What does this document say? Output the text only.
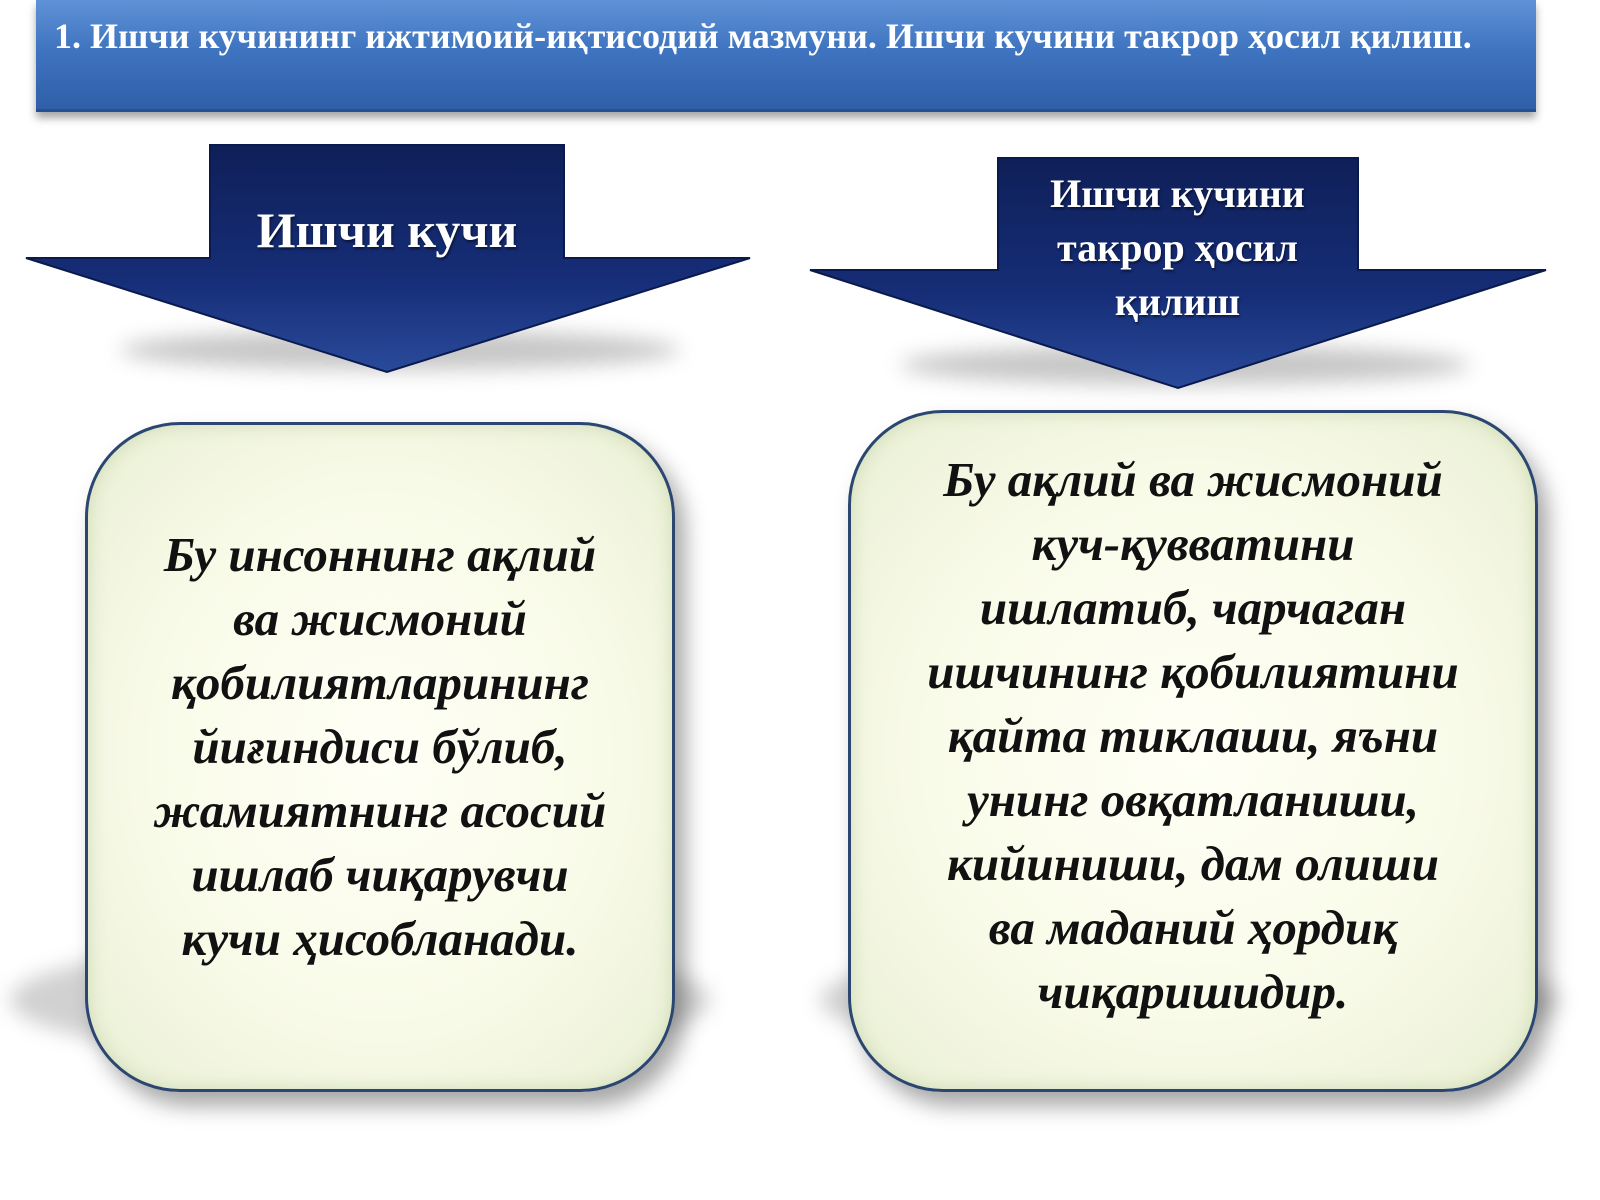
1. Ишчи кучининг ижтимоий-иқтисодий мазмуни. Ишчи кучини такрор ҳосил қилиш.
Ишчи кучи
Ишчи кучини
такрор ҳосил
қилиш
Бу инсоннинг ақлий
ва жисмоний
қобилиятларининг
йиғиндиси бўлиб,
жамиятнинг асосий
ишлаб чиқарувчи
кучи ҳисобланади.
Бу ақлий ва жисмоний
куч-қувватини
ишлатиб, чарчаган
ишчининг қобилиятини
қайта тиклаши, яъни
унинг овқатланиши,
кийиниши, дам олиши
ва маданий ҳордиқ
чиқаришидир.
